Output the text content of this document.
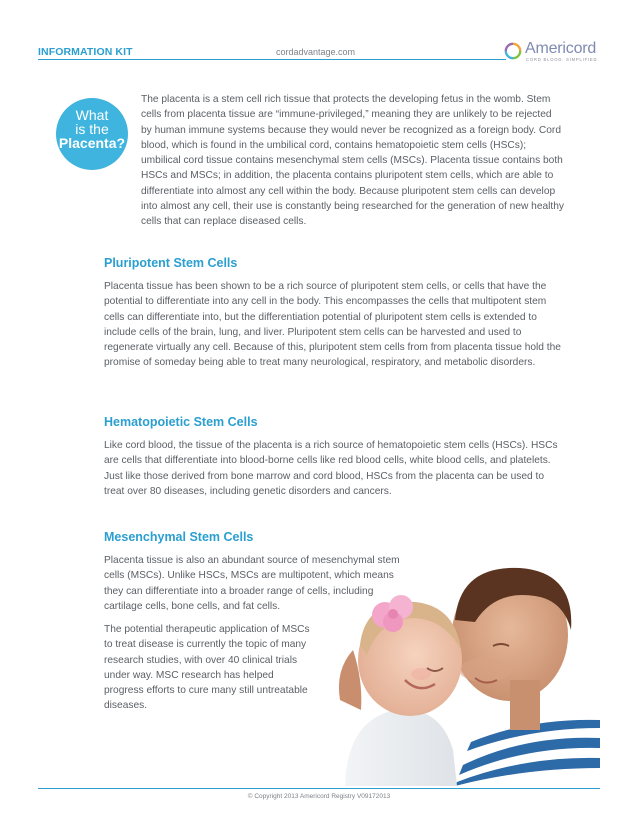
INFORMATION KIT	cordadvantage.com	Americord
CORD BLOOD. SIMPLIFIED.
What
is the
Placenta?

The placenta is a stem cell rich tissue that protects the developing fetus in the womb. Stem cells from placenta tissue are “immune-privileged,” meaning they are unlikely to be rejected by human immune systems because they would never be recognized as a foreign body. Cord blood, which is found in the umbilical cord, contains hematopoietic stem cells (HSCs); umbilical cord tissue contains mesenchymal stem cells (MSCs). Placenta tissue contains both HSCs and MSCs; in addition, the placenta contains pluripotent stem cells, which are able to differentiate into almost any cell within the body. Because pluripotent stem cells can develop into almost any cell, their use is constantly being researched for the generation of new healthy cells that can replace diseased cells.

Pluripotent Stem Cells

Placenta tissue has been shown to be a rich source of pluripotent stem cells, or cells that have the potential to differentiate into any cell in the body. This encompasses the cells that multipotent stem cells can differentiate into, but the differentiation potential of pluripotent stem cells is extended to include cells of the brain, lung, and liver. Pluripotent stem cells can be harvested and used to regenerate virtually any cell. Because of this, pluripotent stem cells from from placenta tissue hold the promise of someday being able to treat many neurological, respiratory, and metabolic disorders.

Hematopoietic Stem Cells

Like cord blood, the tissue of the placenta is a rich source of hematopoietic stem cells (HSCs). HSCs are cells that differentiate into blood-borne cells like red blood cells, white blood cells, and platelets. Just like those derived from bone marrow and cord blood, HSCs from the placenta can be used to treat over 80 diseases, including genetic disorders and cancers.

Mesenchymal Stem Cells

Placenta tissue is also an abundant source of mesenchymal stem cells (MSCs). Unlike HSCs, MSCs are multipotent, which means they can differentiate into a broader range of cells, including cartilage cells, bone cells, and fat cells.

The potential therapeutic application of MSCs to treat disease is currently the topic of many research studies, with over 40 clinical trials under way. MSC research has helped progress efforts to cure many still untreatable diseases.

© Copyright 2013 Americord Registry V09172013
